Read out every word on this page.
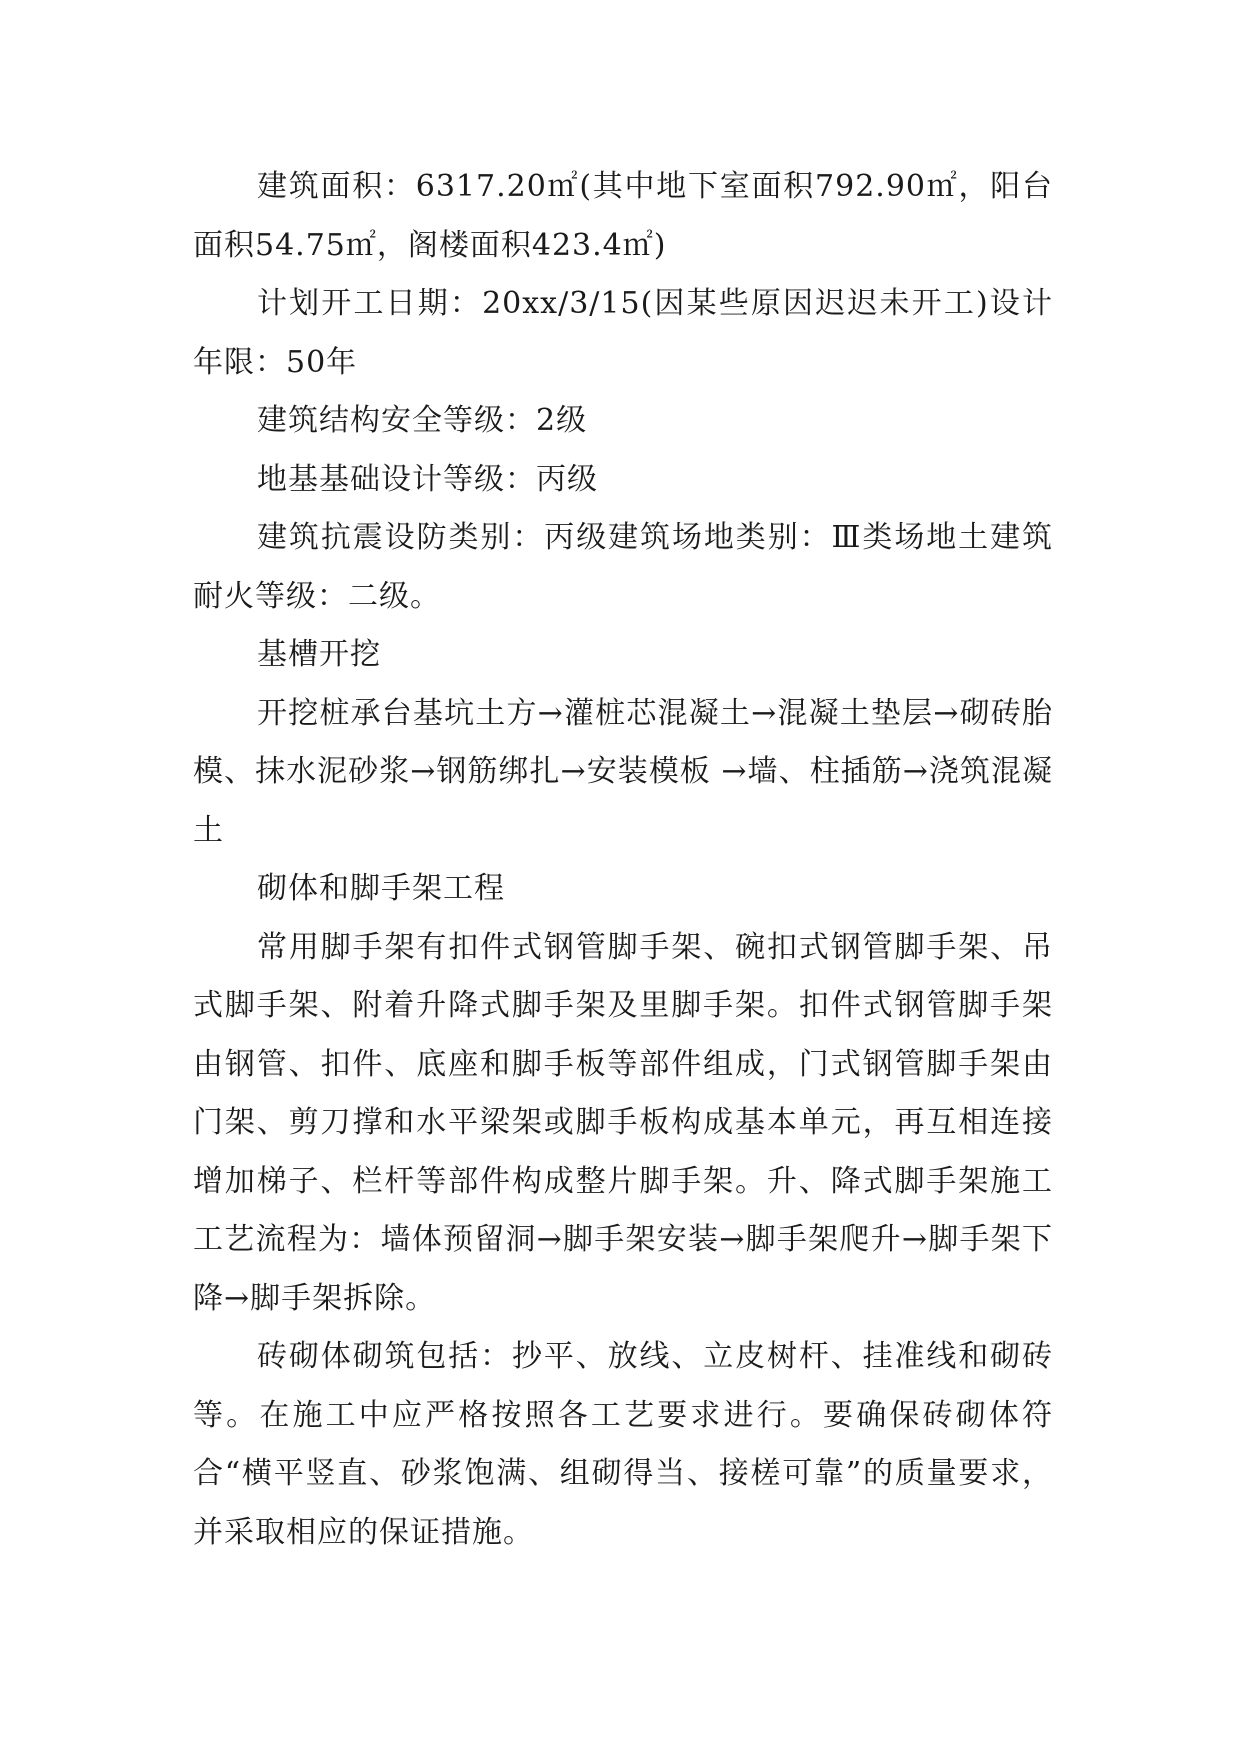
建筑面积：6317.20㎡(其中地下室面积792.90㎡，阳台面积54.75㎡，阁楼面积423.4㎡)

计划开工日期：20xx/3/15(因某些原因迟迟未开工)设计年限：50年

建筑结构安全等级：2级

地基基础设计等级：丙级

建筑抗震设防类别：丙级建筑场地类别：Ⅲ类场地土建筑耐火等级：二级。

基槽开挖

开挖桩承台基坑土方→灌桩芯混凝土→混凝土垫层→砌砖胎模、抹水泥砂浆→钢筋绑扎→安装模板 →墙、柱插筋→浇筑混凝土

砌体和脚手架工程

常用脚手架有扣件式钢管脚手架、碗扣式钢管脚手架、吊式脚手架、附着升降式脚手架及里脚手架。扣件式钢管脚手架由钢管、扣件、底座和脚手板等部件组成，门式钢管脚手架由门架、剪刀撑和水平梁架或脚手板构成基本单元，再互相连接增加梯子、栏杆等部件构成整片脚手架。升、降式脚手架施工工艺流程为：墙体预留洞→脚手架安装→脚手架爬升→脚手架下降→脚手架拆除。

砖砌体砌筑包括：抄平、放线、立皮树杆、挂准线和砌砖等。在施工中应严格按照各工艺要求进行。要确保砖砌体符合“横平竖直、砂浆饱满、组砌得当、接槎可靠”的质量要求，并采取相应的保证措施。
